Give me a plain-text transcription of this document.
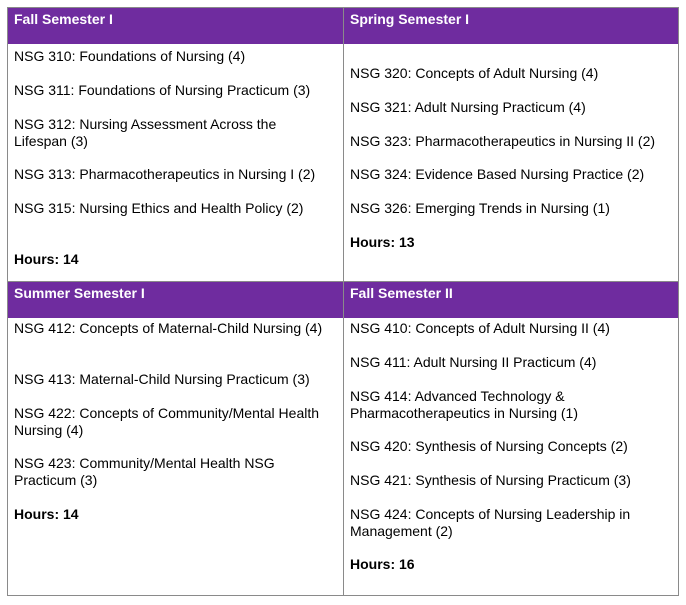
Fall Semester I	Spring Semester I
Summer Semester I	Fall Semester II
NSG 310: Foundations of Nursing (4)
NSG 311: Foundations of Nursing Practicum (3)
NSG 312: Nursing Assessment Across the Lifespan (3)
NSG 313: Pharmacotherapeutics in Nursing I (2)
NSG 315: Nursing Ethics and Health Policy (2)
Hours: 14
NSG 320: Concepts of Adult Nursing (4)
NSG 321: Adult Nursing Practicum (4)
NSG 323: Pharmacotherapeutics in Nursing II (2)
NSG 324: Evidence Based Nursing Practice (2)
NSG 326: Emerging Trends in Nursing (1)
Hours: 13
NSG 412: Concepts of Maternal-Child Nursing (4)
NSG 413: Maternal-Child Nursing Practicum (3)
NSG 422: Concepts of Community/Mental Health Nursing (4)
NSG 423: Community/Mental Health NSG Practicum (3)
Hours: 14
NSG 410: Concepts of Adult Nursing II (4)
NSG 411: Adult Nursing II Practicum (4)
NSG 414: Advanced Technology & Pharmacotherapeutics in Nursing (1)
NSG 420: Synthesis of Nursing Concepts (2)
NSG 421: Synthesis of Nursing Practicum (3)
NSG 424: Concepts of Nursing Leadership in Management (2)
Hours: 16
